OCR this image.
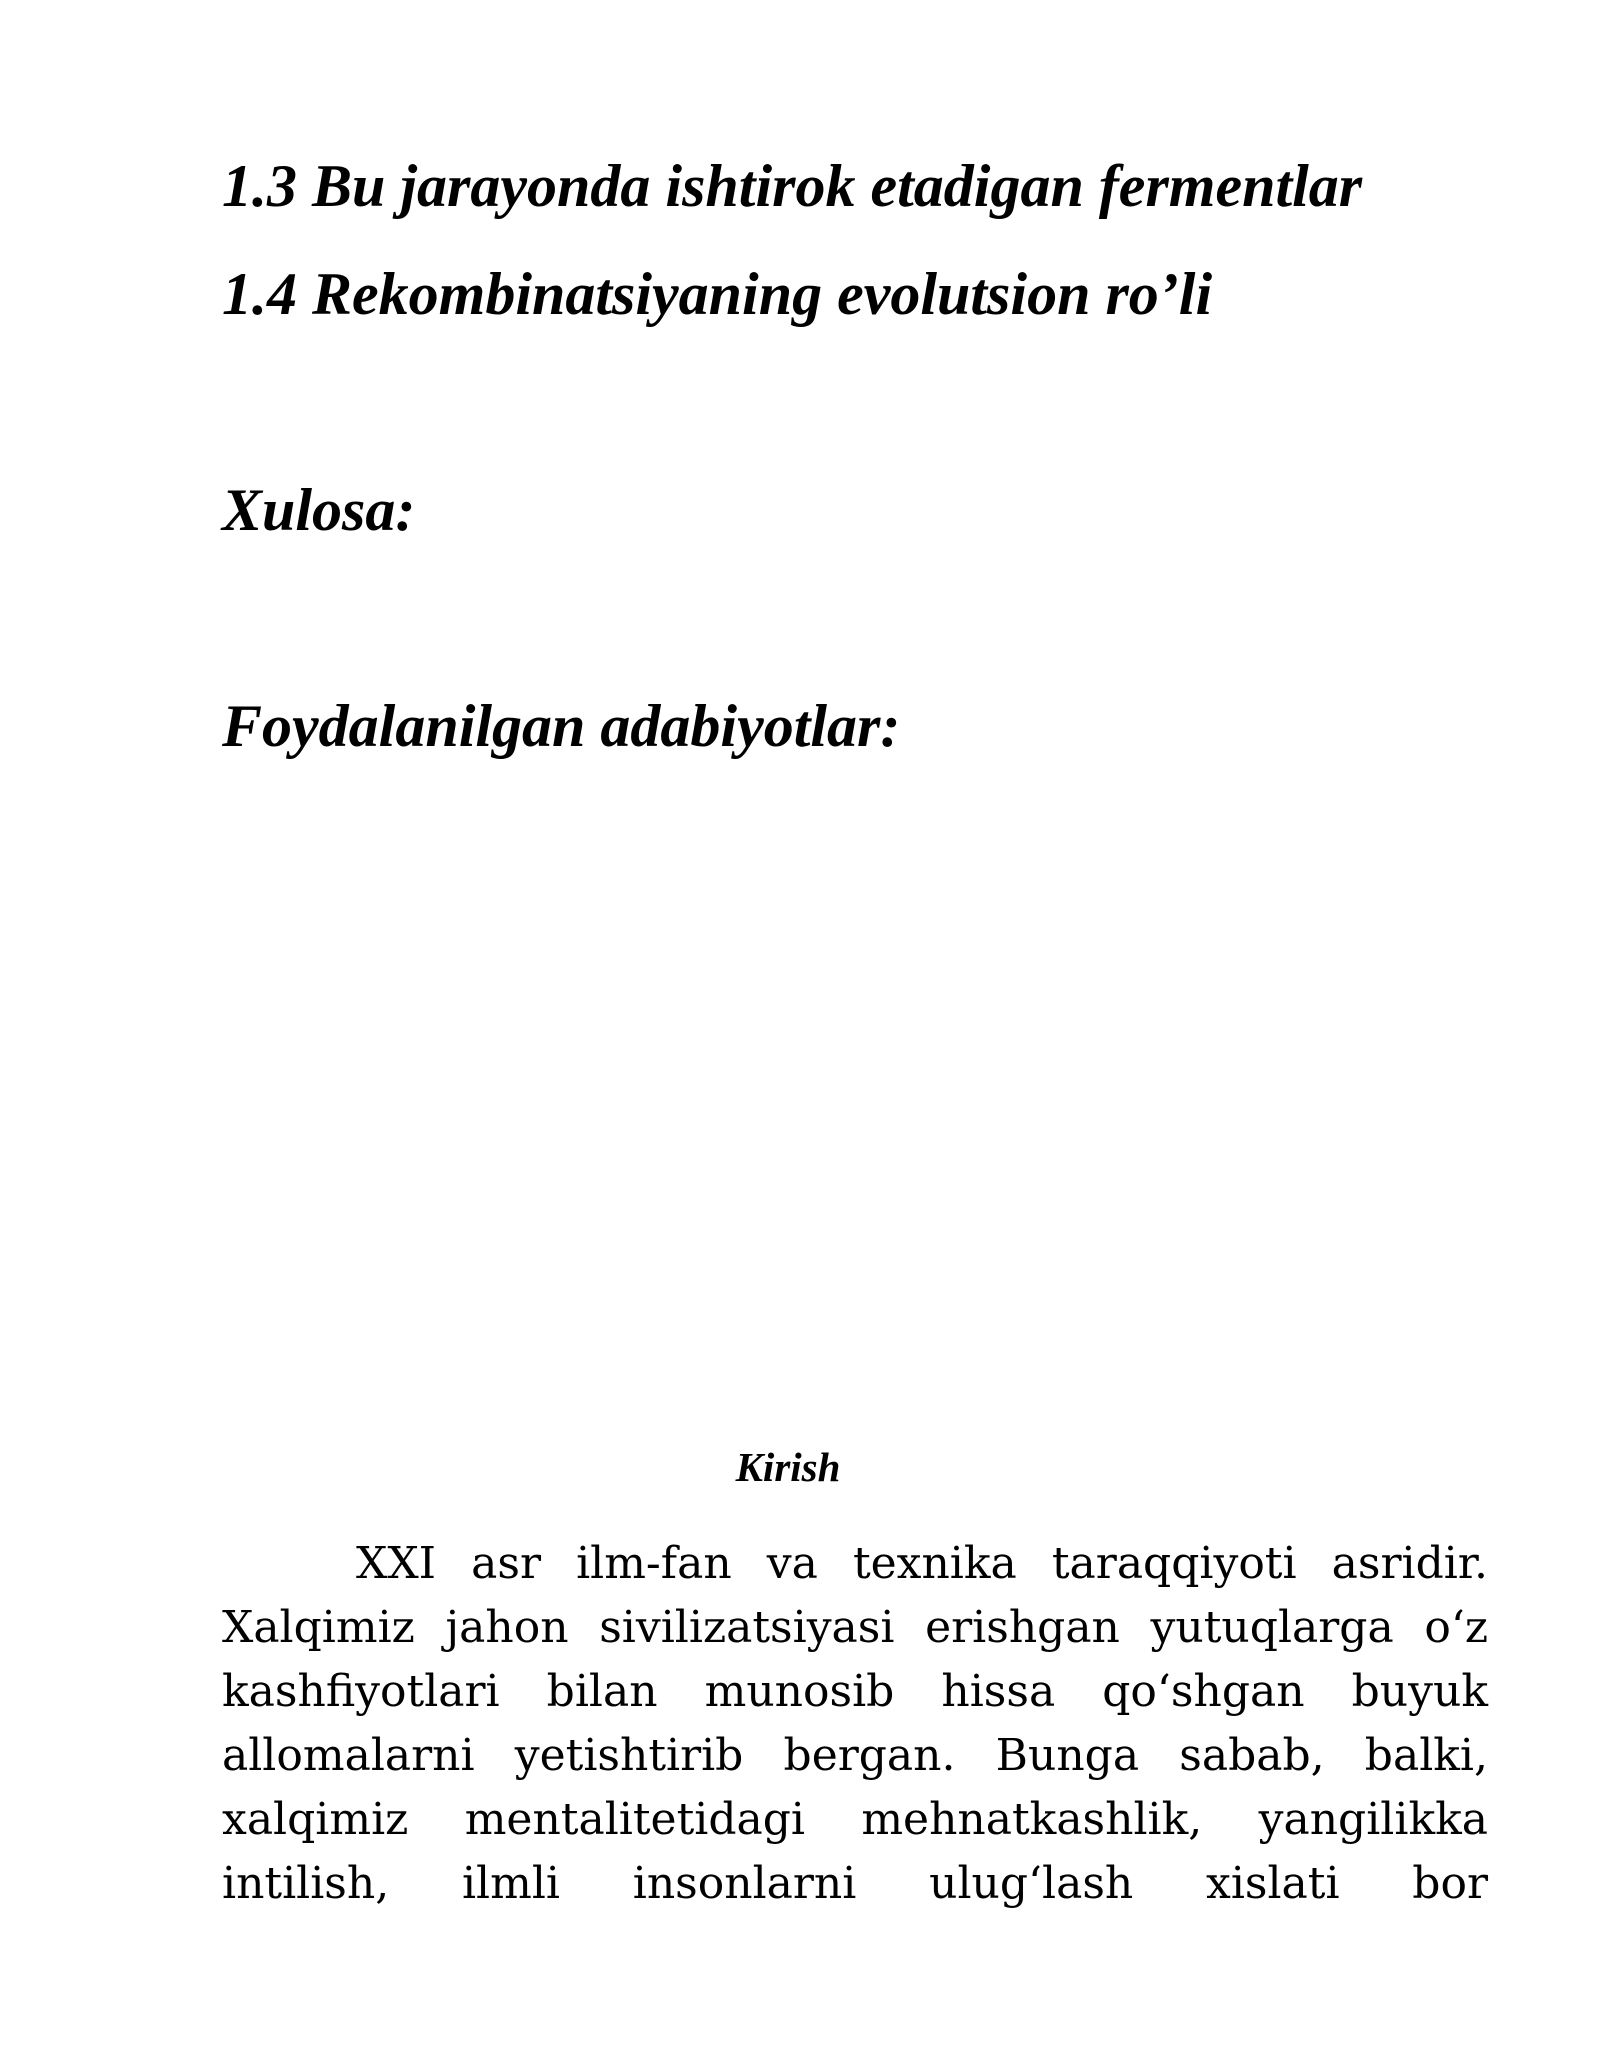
1.3 Bu jarayonda ishtirok etadigan fermentlar
1.4 Rekombinatsiyaning evolutsion ro’li
Xulosa:
Foydalanilgan adabiyotlar:
Kirish
XXI asr ilm-fan va texnika taraqqiyoti asridir.
Xalqimiz jahon sivilizatsiyasi erishgan yutuqlarga o‘z
kashfiyotlari bilan munosib hissa qo‘shgan buyuk
allomalarni yetishtirib bergan. Bunga sabab, balki,
xalqimiz mentalitetidagi mehnatkashlik, yangilikka
intilish, ilmli insonlarni ulug‘lash xislati bor
